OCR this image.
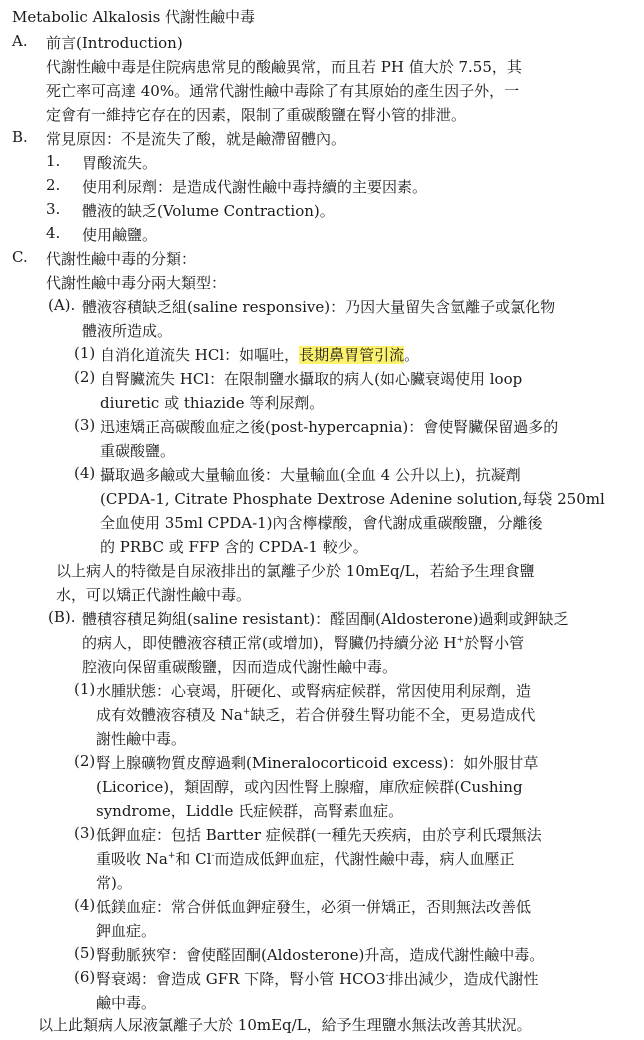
Metabolic Alkalosis 代謝性鹼中毒
A. 前言(Introduction)
代謝性鹼中毒是住院病患常見的酸鹼異常，而且若 PH 值大於 7.55，其
死亡率可高達 40%。通常代謝性鹼中毒除了有其原始的產生因子外，一
定會有一維持它存在的因素，限制了重碳酸鹽在腎小管的排泄。
B. 常見原因：不是流失了酸，就是鹼滯留體內。
1. 胃酸流失。
2. 使用利尿劑：是造成代謝性鹼中毒持續的主要因素。
3. 體液的缺乏(Volume Contraction)。
4. 使用鹼鹽。
C. 代謝性鹼中毒的分類：
代謝性鹼中毒分兩大類型：
(A). 體液容積缺乏組(saline responsive)：乃因大量留失含氫離子或氯化物
體液所造成。
(1) 自消化道流失 HCl：如嘔吐，長期鼻胃管引流。
(2) 自腎臟流失 HCl：在限制鹽水攝取的病人(如心臟衰竭使用 loop
diuretic 或 thiazide 等利尿劑。
(3) 迅速矯正高碳酸血症之後(post-hypercapnia)：會使腎臟保留過多的
重碳酸鹽。
(4) 攝取過多鹼或大量輸血後：大量輸血(全血 4 公升以上)，抗凝劑
(CPDA-1, Citrate Phosphate Dextrose Adenine solution,每袋 250ml
全血使用 35ml CPDA-1)內含檸檬酸，會代謝成重碳酸鹽，分離後
的 PRBC 或 FFP 含的 CPDA-1 較少。
以上病人的特徵是自尿液排出的氯離子少於 10mEq/L，若給予生理食鹽
水，可以矯正代謝性鹼中毒。
(B). 體積容積足夠組(saline resistant)：醛固酮(Aldosterone)過剩或鉀缺乏
的病人，即使體液容積正常(或增加)，腎臟仍持續分泌 H+於腎小管
腔液向保留重碳酸鹽，因而造成代謝性鹼中毒。
(1) 水腫狀態：心衰竭，肝硬化、或腎病症候群，常因使用利尿劑，造
成有效體液容積及 Na+缺乏，若合併發生腎功能不全，更易造成代
謝性鹼中毒。
(2) 腎上腺礦物質皮醇過剩(Mineralocorticoid excess)：如外服甘草
(Licorice)，類固醇，或內因性腎上腺瘤，庫欣症候群(Cushing
syndrome，Liddle 氏症候群，高腎素血症。
(3) 低鉀血症：包括 Bartter 症候群(一種先天疾病，由於亨利氏環無法
重吸收 Na+和 Cl-而造成低鉀血症，代謝性鹼中毒，病人血壓正
常)。
(4) 低鎂血症：常合併低血鉀症發生，必須一併矯正，否則無法改善低
鉀血症。
(5) 腎動脈狹窄：會使醛固酮(Aldosterone)升高，造成代謝性鹼中毒。
(6) 腎衰竭：會造成 GFR 下降，腎小管 HCO3-排出減少，造成代謝性
鹼中毒。
以上此類病人尿液氯離子大於 10mEq/L，給予生理鹽水無法改善其狀況。
